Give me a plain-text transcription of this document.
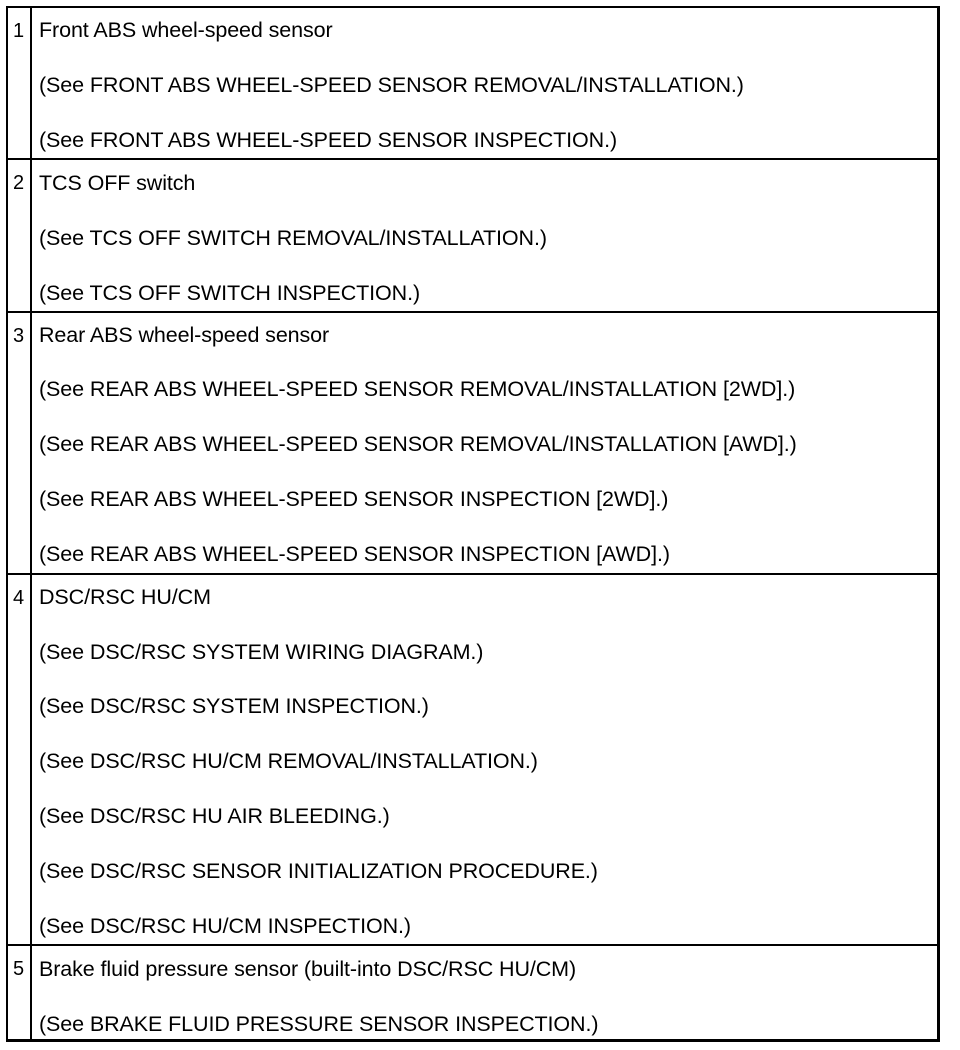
1 Front ABS wheel-speed sensor
(See FRONT ABS WHEEL-SPEED SENSOR REMOVAL/INSTALLATION.)
(See FRONT ABS WHEEL-SPEED SENSOR INSPECTION.)
2 TCS OFF switch
(See TCS OFF SWITCH REMOVAL/INSTALLATION.)
(See TCS OFF SWITCH INSPECTION.)
3 Rear ABS wheel-speed sensor
(See REAR ABS WHEEL-SPEED SENSOR REMOVAL/INSTALLATION [2WD].)
(See REAR ABS WHEEL-SPEED SENSOR REMOVAL/INSTALLATION [AWD].)
(See REAR ABS WHEEL-SPEED SENSOR INSPECTION [2WD].)
(See REAR ABS WHEEL-SPEED SENSOR INSPECTION [AWD].)
4 DSC/RSC HU/CM
(See DSC/RSC SYSTEM WIRING DIAGRAM.)
(See DSC/RSC SYSTEM INSPECTION.)
(See DSC/RSC HU/CM REMOVAL/INSTALLATION.)
(See DSC/RSC HU AIR BLEEDING.)
(See DSC/RSC SENSOR INITIALIZATION PROCEDURE.)
(See DSC/RSC HU/CM INSPECTION.)
5 Brake fluid pressure sensor (built-into DSC/RSC HU/CM)
(See BRAKE FLUID PRESSURE SENSOR INSPECTION.)
